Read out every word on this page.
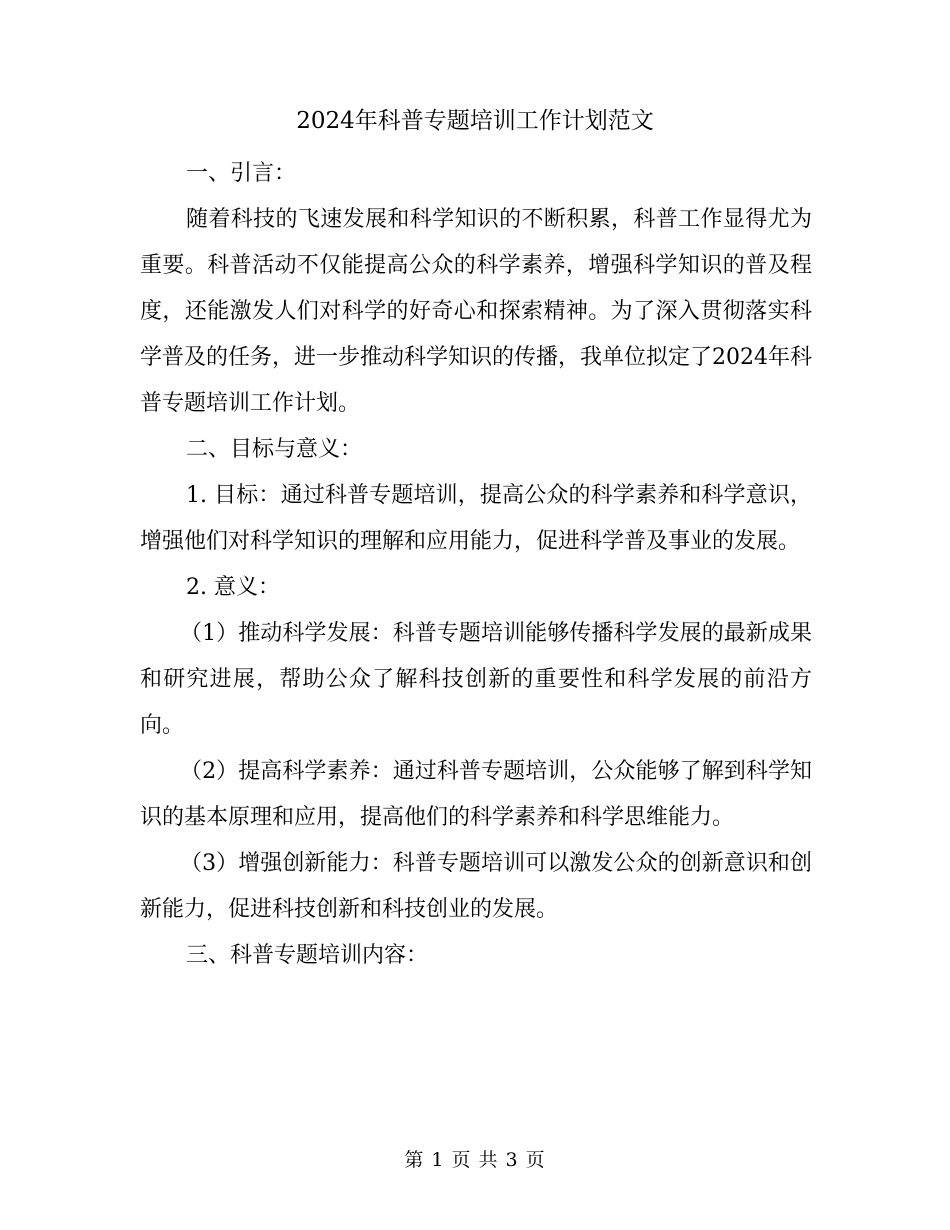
2024年科普专题培训工作计划范文

一、引言：

随着科技的飞速发展和科学知识的不断积累，科普工作显得尤为重要。科普活动不仅能提高公众的科学素养，增强科学知识的普及程度，还能激发人们对科学的好奇心和探索精神。为了深入贯彻落实科学普及的任务，进一步推动科学知识的传播，我单位拟定了2024年科普专题培训工作计划。

二、目标与意义：

1. 目标：通过科普专题培训，提高公众的科学素养和科学意识，增强他们对科学知识的理解和应用能力，促进科学普及事业的发展。

2. 意义：

（1）推动科学发展：科普专题培训能够传播科学发展的最新成果和研究进展，帮助公众了解科技创新的重要性和科学发展的前沿方向。

（2）提高科学素养：通过科普专题培训，公众能够了解到科学知识的基本原理和应用，提高他们的科学素养和科学思维能力。

（3）增强创新能力：科普专题培训可以激发公众的创新意识和创新能力，促进科技创新和科技创业的发展。

三、科普专题培训内容：

第 1 页 共 3 页
